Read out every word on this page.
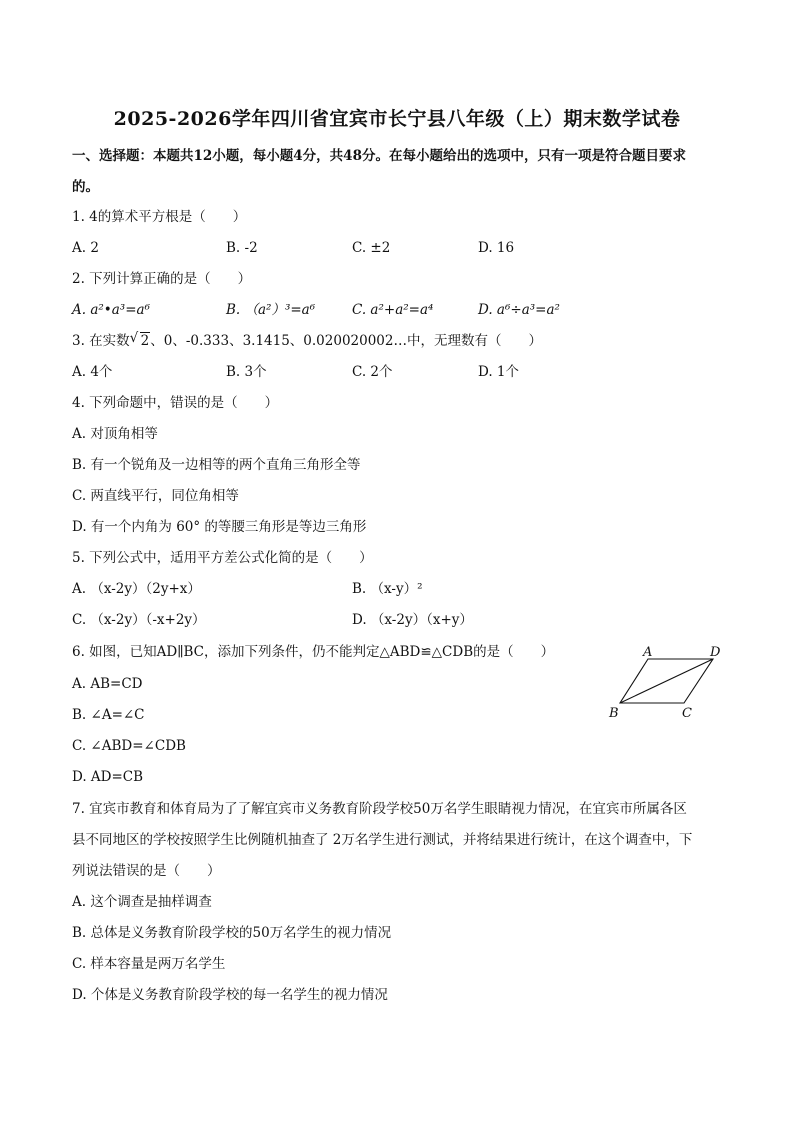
2025-2026学年四川省宜宾市长宁县八年级（上）期末数学试卷
一、选择题：本题共12小题，每小题4分，共48分。在每小题给出的选项中，只有一项是符合题目要求
的。
1. 4的算术平方根是（　　）
A. 2	B. -2	C. ±2	D. 16
2. 下列计算正确的是（　　）
A. a²•a³=a⁶	B. （a²）³=a⁶	C. a²+a²=a⁴	D. a⁶÷a³=a²
3. 在实数 √ 2、0、-0.333、3.1415、0.020020002…中，无理数有（　　）
A. 4个	B. 3个	C. 2个	D. 1个
4. 下列命题中，错误的是（　　）
A. 对顶角相等
B. 有一个锐角及一边相等的两个直角三角形全等
C. 两直线平行，同位角相等
D. 有一个内角为 60° 的等腰三角形是等边三角形
5. 下列公式中，适用平方差公式化简的是（　　）
A. （x-2y）（2y+x）	B. （x-y）²
C. （x-2y）（-x+2y）	D. （x-2y）（x+y）
6. 如图，已知AD∥BC，添加下列条件，仍不能判定△ABD≌△CDB的是（　　）
A. AB=CD
B. ∠A=∠C
C. ∠ABD=∠CDB
D. AD=CB
A	D
B	C
7. 宜宾市教育和体育局为了了解宜宾市义务教育阶段学校50万名学生眼睛视力情况，在宜宾市所属各区
县不同地区的学校按照学生比例随机抽查了 2万名学生进行测试，并将结果进行统计，在这个调查中，下
列说法错误的是（　　）
A. 这个调查是抽样调查
B. 总体是义务教育阶段学校的50万名学生的视力情况
C. 样本容量是两万名学生
D. 个体是义务教育阶段学校的每一名学生的视力情况
